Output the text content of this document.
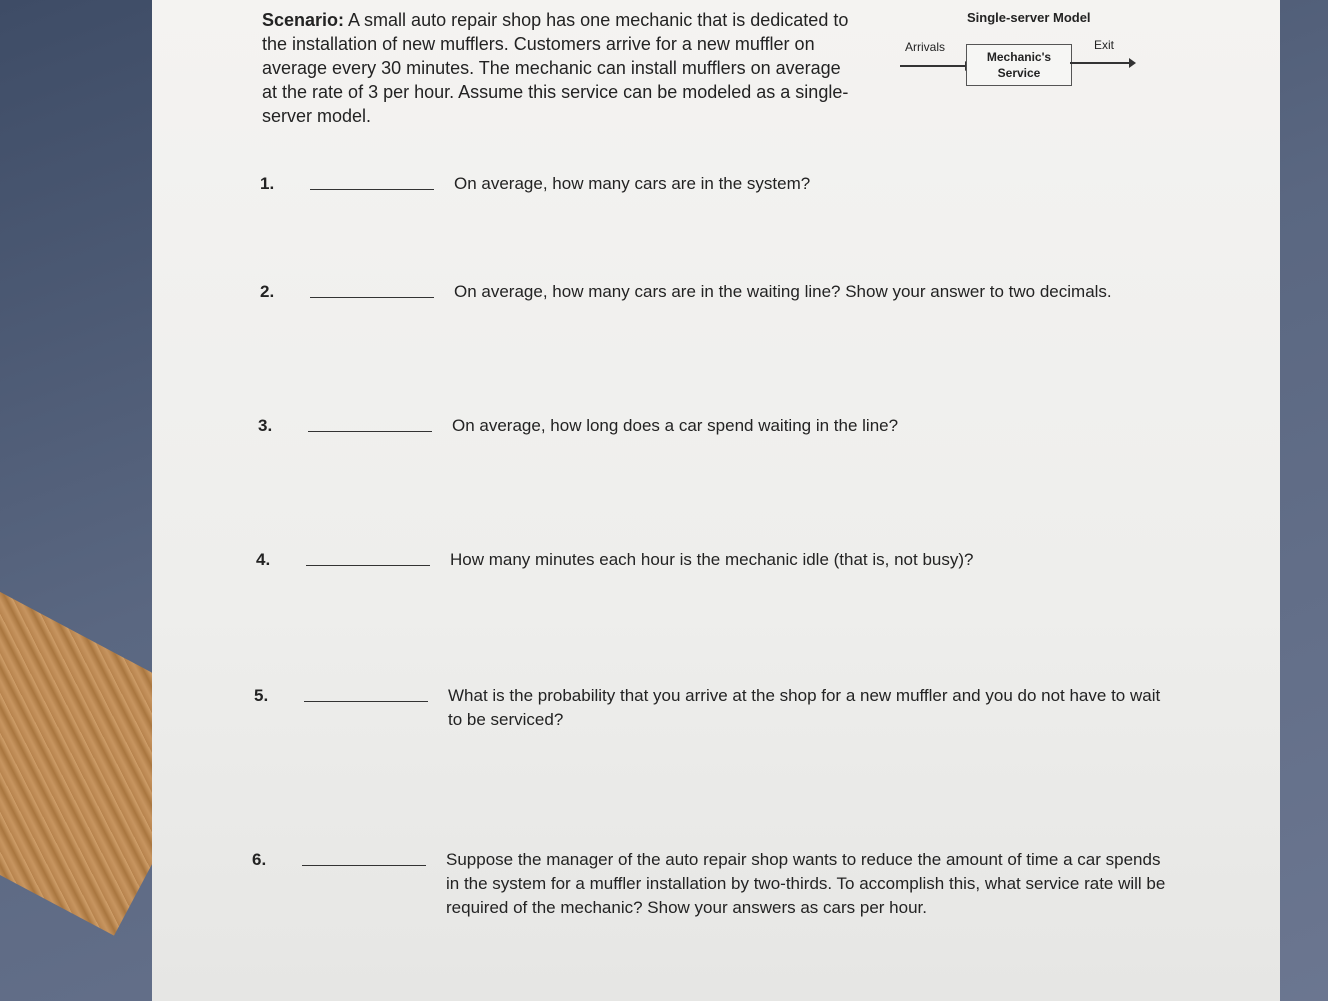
Scenario: A small auto repair shop has one mechanic that is dedicated to the installation of new mufflers. Customers arrive for a new muffler on average every 30 minutes. The mechanic can install mufflers on average at the rate of 3 per hour. Assume this service can be modeled as a single-server model.
Single-server Model
Arrivals	Exit
Mechanic's
Service
1.	On average, how many cars are in the system?
2.	On average, how many cars are in the waiting line? Show your answer to two decimals.
3.	On average, how long does a car spend waiting in the line?
4.	How many minutes each hour is the mechanic idle (that is, not busy)?
5.	What is the probability that you arrive at the shop for a new muffler and you do not have to wait to be serviced?
6.	Suppose the manager of the auto repair shop wants to reduce the amount of time a car spends in the system for a muffler installation by two-thirds. To accomplish this, what service rate will be required of the mechanic? Show your answers as cars per hour.
